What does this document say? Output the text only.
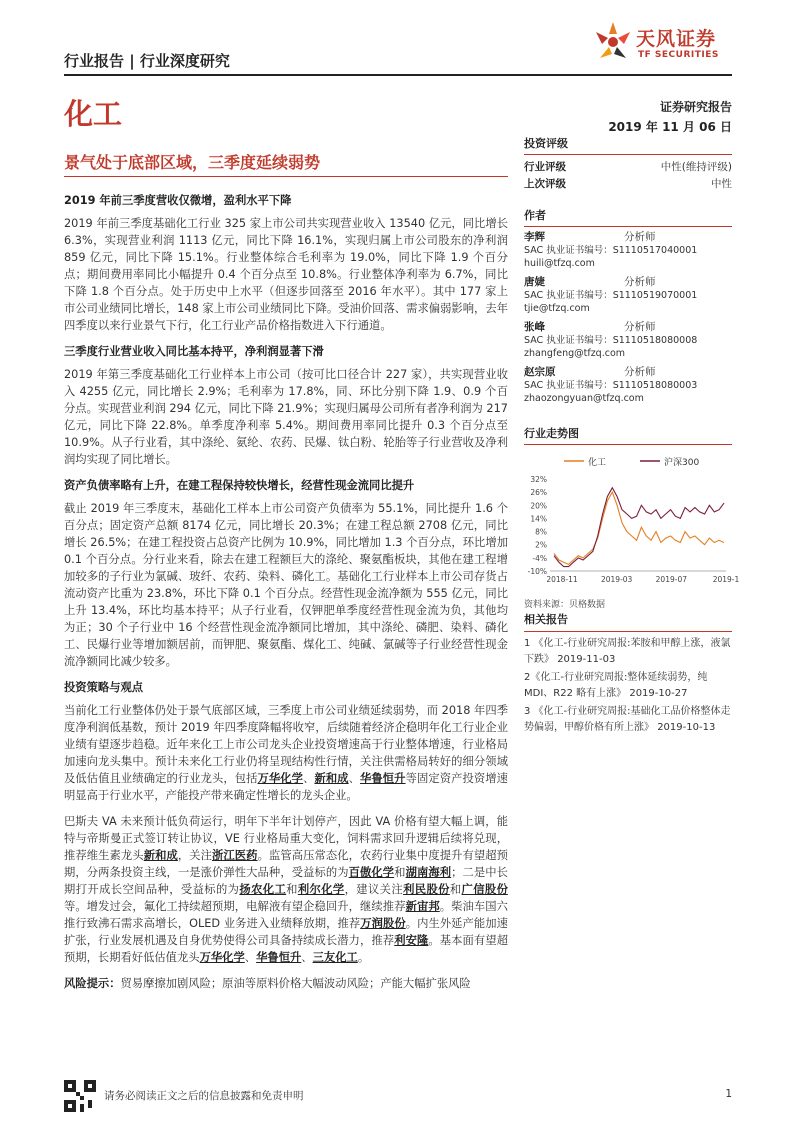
行业报告 | 行业深度研究
天风证券
TF SECURITIES
化工	证券研究报告
2019 年 11 月 06 日
景气处于底部区域，三季度延续弱势
2019 年前三季度营收仅微增，盈利水平下降

2019 年前三季度基础化工行业 325 家上市公司共实现营业收入 13540 亿元，同比增长 6.3%，实现营业利润 1113 亿元，同比下降 16.1%，实现归属上市公司股东的净利润 859 亿元，同比下降 15.1%。行业整体综合毛利率为 19.0%，同比下降 1.9 个百分点；期间费用率同比小幅提升 0.4 个百分点至 10.8%。行业整体净利率为 6.7%，同比下降 1.8 个百分点。处于历史中上水平（但逐步回落至 2016 年水平）。其中 177 家上市公司业绩同比增长，148 家上市公司业绩同比下降。受油价回落、需求偏弱影响，去年四季度以来行业景气下行，化工行业产品价格指数进入下行通道。

三季度行业营业收入同比基本持平，净利润显著下滑

2019 年第三季度基础化工行业样本上市公司（按可比口径合计 227 家），共实现营业收入 4255 亿元，同比增长 2.9%；毛利率为 17.8%，同、环比分别下降 1.9、0.9 个百分点。实现营业利润 294 亿元，同比下降 21.9%；实现归属母公司所有者净利润为 217 亿元，同比下降 22.8%。单季度净利率 5.4%。期间费用率同比提升 0.3 个百分点至 10.9%。从子行业看，其中涤纶、氨纶、农药、民爆、钛白粉、轮胎等子行业营收及净利润均实现了同比增长。

资产负债率略有上升，在建工程保持较快增长，经营性现金流同比提升

截止 2019 年三季度末，基础化工样本上市公司资产负债率为 55.1%，同比提升 1.6 个百分点；固定资产总额 8174 亿元，同比增长 20.3%；在建工程总额 2708 亿元，同比增长 26.5%；在建工程投资占总资产比例为 10.9%，同比增加 1.3 个百分点，环比增加 0.1 个百分点。分行业来看，除去在建工程额巨大的涤纶、聚氨酯板块，其他在建工程增加较多的子行业为氯碱、玻纤、农药、染料、磷化工。基础化工行业样本上市公司存货占流动资产比重为 23.8%，环比下降 0.1 个百分点。经营性现金流净额为 555 亿元，同比上升 13.4%，环比均基本持平；从子行业看，仅钾肥单季度经营性现金流为负，其他均为正；30 个子行业中 16 个经营性现金流净额同比增加，其中涤纶、磷肥、染料、磷化工、民爆行业等增加额居前，而钾肥、聚氨酯、煤化工、纯碱、氯碱等子行业经营性现金流净额同比减少较多。

投资策略与观点

当前化工行业整体仍处于景气底部区域，三季度上市公司业绩延续弱势，而 2018 年四季度净利润低基数，预计 2019 年四季度降幅将收窄，后续随着经济企稳明年化工行业企业业绩有望逐步趋稳。近年来化工上市公司龙头企业投资增速高于行业整体增速，行业格局加速向龙头集中。预计未来化工行业仍将呈现结构性行情，关注供需格局转好的细分领域及低估值且业绩确定的行业龙头，包括万华化学、新和成、华鲁恒升等固定资产投资增速明显高于行业水平，产能投产带来确定性增长的龙头企业。

巴斯夫 VA 未来预计低负荷运行，明年下半年计划停产，因此 VA 价格有望大幅上调，能特与帝斯曼正式签订转让协议，VE 行业格局重大变化，饲料需求回升逻辑后续将兑现，推荐维生素龙头新和成，关注浙江医药。监管高压常态化，农药行业集中度提升有望超预期，分两条投资主线，一是涨价弹性大品种，受益标的为百傲化学和湖南海利；二是中长期打开成长空间品种，受益标的为扬农化工和利尔化学，建议关注利民股份和广信股份等。增发过会，氟化工持续超预期，电解液有望企稳回升，继续推荐新宙邦。柴油车国六推行致沸石需求高增长，OLED 业务进入业绩释放期，推荐万润股份。内生外延产能加速扩张，行业发展机遇及自身优势使得公司具备持续成长潜力，推荐利安隆。基本面有望超预期，长期看好低估值龙头万华化学、华鲁恒升、三友化工。

风险提示：贸易摩擦加剧风险；原油等原料价格大幅波动风险；产能大幅扩张风险

投资评级
行业评级	中性(维持评级)
上次评级	中性
作者
李辉	分析师
SAC 执业证书编号：S1110517040001
huili@tfzq.com
唐婕	分析师
SAC 执业证书编号：S1110519070001
tjie@tfzq.com
张峰	分析师
SAC 执业证书编号：S1110518080008
zhangfeng@tfzq.com
赵宗原	分析师
SAC 执业证书编号：S1110518080003
zhaozongyuan@tfzq.com
行业走势图
化工	沪深300
32%
26%
20%
14%
8%
2%
-4%
-10%
2018-11	2019-03	2019-07	2019-1
资料来源：贝格数据
相关报告
1 《化工-行业研究周报:苯胺和甲醇上涨，液氯下跌》 2019-11-03
2《化工-行业研究周报:整体延续弱势，纯 MDI、R22 略有上涨》 2019-10-27
3 《化工-行业研究周报:基础化工品价格整体走势偏弱，甲醇价格有所上涨》 2019-10-13
请务必阅读正文之后的信息披露和免责申明	1
